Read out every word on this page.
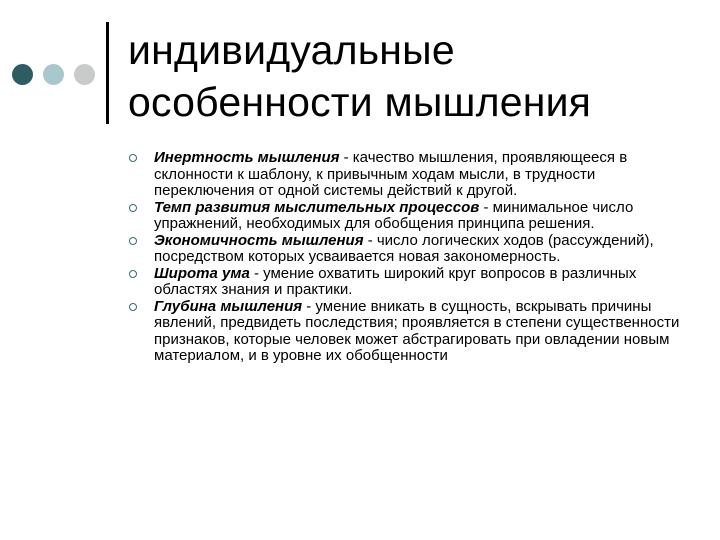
индивидуальные
особенности мышления
Инертность мышления - качество мышления, проявляющееся в склонности к шаблону, к привычным ходам мысли, в трудности переключения от одной системы действий к другой.
Темп развития мыслительных процессов - минимальное число упражнений, необходимых для обобщения принципа решения.
Экономичность мышления - число логических ходов (рассуждений), посредством которых усваивается новая закономерность.
Широта ума - умение охватить широкий круг вопросов в различных областях знания и практики.
Глубина мышления - умение вникать в сущность, вскрывать причины явлений, предвидеть последствия; проявляется в степени существенности признаков, которые человек может абстрагировать при овладении новым материалом, и в уровне их обобщенности
